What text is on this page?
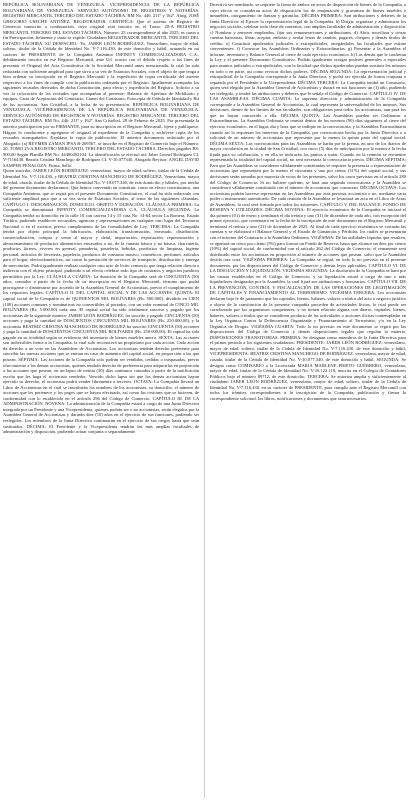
REPÚBLICA BOLIVARIANA DE VENEZUELA. VICEPRESIDENCIA DE LA REPÚBLICA BOLIVARIANA DE VENEZUELA. SERVICIO AUTÓNOMO DE REGISTROS Y NOTARÍAS. REGISTRO MERCANTIL TERCERO DEL ESTADO TÁCHIRA. RM No. 446. 211º y 162º. Abog. JOSÉ GREGORIO USECHE ANTIÑEZ, REGISTRADOR. CERTIFICA: Que el asiento de Registro de Comercio transcrito a continuación, cuyo original está inscrito en el Tomo: 20-A REGISTRO MERCANTIL TERCERO DEL ESTADO TÁCHIRA, Número: 25 correspondiente al año 2025, es como a fin Participación, fielmente y tanto se expide: Ciudadano REGISTRADOR MERCANTIL TERCERO DEL ESTADO TÁCHIRA. SU DESPACHO.- Yo, JABER LEÓN RODRÍGUEZ, Venezolano, mayor de edad, soltero, titular de la Cédula de Identidad No. V-7.116.430, de este domicilio y hábil, actuando en mi carácter de PRESIDENTE de la Compañía Anónima INFINITY COMERCIALIZADORA C.A., debidamente inscrita en ese Registro Mercantil, ante Ud. ocurro con el debido respeto a los fines de presentar el Original del Acta Constitutiva de la Sociedad Mercantil antes mencionada, la cual ha sido redactada con suficiente amplitud para que sirva a su vez de Estatutos Sociales, con el objeto de que tenga a bien ordenar su inscripción en el Registro Mercantil y la expedición de copia certificada del asiento respectivo a los fines de cumplir con la publicación ordenada por el Registro. Igualmente acompaño los siguientes recaudos derivados de dicha Constitución, para efecto y expedición del Registro. Solicito a su vez la colocación de los recaudos que acompañan al presente: Balance de Apertura de Mobiliario y equipos, Carta de Aceptación del Comisario, Carnet del Comisario, Fotocopia de Cédula de Identidad y Rif de los accionistas. San Cristóbal, a la fecha de su presentación. REPÚBLICA BOLIVARIANA DE VENEZUELA. VICEPRESIDENCIA DE LA REPÚBLICA BOLIVARIANA DE VENEZUELA. SERVICIO AUTÓNOMO DE REGISTROS Y NOTARÍAS. REGISTRO MERCANTIL TERCERO DEL ESTADO TÁCHIRA. RM No. 446. 211º y 162º. San Cristóbal, 28 de Febrero de 2025. Por presentada la anterior participación por su FIRMANTE, para su inscripción en el Registro Mercantil, fíjese y publíquese. Hágase lo conducente y agréguese el original al expediente de la Compañía y archívese copia de los recaudos acompañados. Expídase la copia de publicación. El anterior documento redactado por el Abogado: (a) REYMER ZAMAN IPSA R-209567, se inscribe en el Registro de Comercio bajo el Número: 20, TOMO 25-A REGISTRO MERCANTIL TERCERO DEL ESTADO TÁCHIRA. Derechos pagados BS: 900,00 Según Planilla RM No. 44400492104. La identificación se efectuó así: Jaber Leonel Rodríguez CI. V-7116430. Beatriz Cristina Manchego de Rodríguez CI. V-10.077340. Abogado Revisor: ANGEL DAVID SAMPER PEÑALOZA. Firma, Sello.

Quien suscribe, JABER LEÓN RODRÍGUEZ, venezolano, mayor de edad, soltero, titular de la Cédula de Identidad No. V-7.116.430, y BEATRIZ CRISTINA MANCHEGO DE RODRÍGUEZ, Venezolana, mayor de edad, casada, titular de la Cédula de Identidad No. V-10.077.340, de este domicilio y hábiles, por medio del presente documento declaramos: Que hemos convenido en constituir, como en efecto constituimos, una Compañía Anónima, que se regirá por el presente Documento Constitutivo, el cual ha sido redactado con suficiente amplitud para que a su vez sirva de Estatutos Sociales, al tenor de las siguientes cláusulas: CAPÍTULO I. DENOMINACIÓN, DOMICILIO, OBJETO Y DURACIÓN. CLÁUSULA PRIMERA: La Compañía se denominará INFINITY COMERCIALIZADORA C.A. CLÁUSULA SEGUNDA: La Compañía tendrá su domicilio en la calle 10 con carrera 14 y 15 casa No. 14-64 sector La Romera, Estado Táchira, pudiendo establecer sucursales, agencias y representaciones en cualquier otro lugar del Territorio Nacional o en el exterior, previo cumplimiento de las formalidades de Ley. TERCERA: La Compañía tendrá por objeto principal la fabricación, elaboración, transformación, envasado, distribución, comercialización, compra y venta al mayor y detal, importación, exportación, representación y almacenamiento de productos alimenticios envasados o no, de la canasta básica y no básica, charcutería, productos lácteos, víveres en general, panadería, pastelería, bebidas, productos de limpieza, higiene personal, artículos de ferretería, papelería, productos de consumo masivo, cosméticos, perfumes, artículos para el hogar, electrodomésticos, así como la prestación de servicios de transporte, distribución y entrega de mercancías. Podrá igualmente realizar cualquier otro acto de lícito comercio que tenga relación directa o indirecta con el objeto principal, pudiendo a tal efecto celebrar todo tipo de contratos y negocios jurídicos permitidos por la Ley. CLÁUSULA CUARTA: La duración de la Compañía será de CINCUENTA (50) años, contados a partir de la fecha de su inscripción en el Registro Mercantil, término que podrá prorrogarse o disminuirse por acuerdo de la Asamblea General de Accionistas, previo el cumplimiento de los requisitos legales. CAPÍTULO II. DEL CAPITAL SOCIAL Y DE LAS ACCIONES. QUINTA: El capital social de la Compañía es de QUINIENTOS MIL BOLÍVARES (Bs. 500.000), dividido en CIEN (100) acciones comunes y nominativas no convertibles al portador, con un valor nominal de CINCO MIL BOLÍVARES (Bs. 5.000,00) cada una. El capital social ha sido totalmente suscrito y pagado por los accionistas de la siguiente manera: JABER LEÓN RODRÍGUEZ, ha suscrito y pagado CINCUENTA (50) acciones y paga la cantidad de DOSCIENTOS CINCUENTA MIL BOLÍVARES (Bs. 250.000,00), y la accionista BEATRIZ CRISTINA MANCHEGO DE RODRÍGUEZ ha suscrito CINCUENTA (50) acciones y paga la cantidad de DOSCIENTOS CINCUENTA MIL BOLÍVARES (Bs. 250.000,00). El capital ha sido pagado en su totalidad según se evidencia del inventario de bienes muebles anexo. SEXTA: Las acciones son indivisibles frente a la Compañía, la cual solo reconocerá un propietario por cada acción. Cada acción da derecho a un voto en las Asambleas de Accionistas. Los accionistas tendrán derecho preferente para suscribir las nuevas acciones que se emitan en caso de aumento del capital social, en proporción a las que posean. SÉPTIMA: Las acciones de la Compañía sólo podrán ser vendidas, cedidas o traspasadas, previo ofrecimiento a los demás accionistas, quienes tendrán derecho de preferencia para adquirirlas en proporción a las acciones que posean, en un lapso de treinta (30) días continuos contados a partir de la notificación escrita que les haga el accionista vendedor. Vencido dicho lapso sin que los demás accionistas hayan ejercido su derecho, el accionista podrá vender libremente a terceros. OCTAVA: La Compañía llevará un Libro de Accionistas en el cual se inscribirán los nombres de los accionistas, su domicilio, el número de acciones que les pertenece y los pagos que se hayan efectuado, así como las cesiones que se hicieren, de conformidad con lo establecido en el artículo 296 del Código de Comercio. CAPÍTULO III. DE LA ADMINISTRACIÓN. NOVENA: La administración de la Compañía estará a cargo de una Junta Directiva integrada por un Presidente y una Vicepresidenta, quienes podrán ser o no accionistas, serán elegidos por la Asamblea General de Accionistas y durarán diez (10) años en el ejercicio de sus funciones, pudiendo ser reelegidos. Los miembros de la Junta Directiva continuarán en el ejercicio de sus cargos hasta que sean sustituidos. DÉCIMA: El Presidente y la Vicepresidenta tendrán las más amplias facultades de administración y disposición, pudiendo actuar conjunta o separadamente.

Directiva ser nombrado, se requiere la firma de ambos en actos de disposición de bienes de la Compañía, a cuyo efecto se consideran actos de disposición los de enajenación y gravamen de bienes muebles e inmuebles, otorgamiento de fianzas y garantías. DÉCIMA PRIMERA: Son atribuciones y deberes de la Junta Directiva: a) Ejercer la representación legal de la Compañía. b) Dirigir, organizar y administrar los negocios sociales, celebrar toda clase de contratos, con amplias facultades de administración y disposición. c) Nombrar y remover empleados, fijar sus remuneraciones y atribuciones. d) Abrir, movilizar y cerrar cuentas bancarias, librar, aceptar, endosar y avalar letras de cambio, pagarés, cheques y demás títulos de crédito. e) Constituir apoderados judiciales o extrajudiciales, otorgándoles las facultades que estime convenientes. f) Convocar las Asambleas Ordinarias y Extraordinarias. g) Presentar a la Asamblea el informe, inventario y Balance General al cierre de cada ejercicio económico. h) Las demás que le confieran la Ley y el presente Documento Constitutivo. Podrán igualmente otorgar poderes generales o especiales para asuntos judiciales o extrajudiciales, con la facultad que dichos apoderados puedan sustituir los mismos en todo o en parte, así como revocar dichos poderes. DÉCIMA SEGUNDA: La representación judicial y extrajudicial de la Compañía corresponde a la Junta Directiva, y podrá ser ejercida de forma conjunta o separada por el Presidente o la Vicepresidenta. DÉCIMA TERCERA: La Compañía tendrá un Comisario, quien será elegido por la Asamblea General de Accionistas y durará en sus funciones un (1) año, pudiendo ser reelegido, y tendrá las atribuciones y deberes que le señala el Código de Comercio. CAPÍTULO IV. DE LAS ASAMBLEAS. DÉCIMA CUARTA: La suprema dirección y administración de la Compañía corresponde a la Asamblea General de Accionistas, la cual representa la universalidad de los mismos. Sus decisiones, dentro de los límites de sus facultades, son obligatorias para todos los accionistas, aun para los que no hayan concurrido a ella. DÉCIMA QUINTA: Las Asambleas pueden ser Ordinarias o Extraordinarias. La Asamblea Ordinaria se reunirá dentro de los noventa (90) días siguientes al cierre del ejercicio económico, en el lugar, día y hora que se indique en la convocatoria, y la Asamblea Extraordinaria cuando así lo requieran los intereses de la Compañía, por convocatoria hecha por la Junta Directiva o a solicitud de un número de accionistas que represente por lo menos la quinta parte del capital social. DÉCIMA SEXTA: Las convocatorias para las Asambleas se harán por la prensa, en uno de los diarios de mayor circulación en la ciudad de San Cristóbal, con cinco (5) días de anticipación por lo menos a la fecha fijada para su celebración, y en ella se indicarán los puntos a tratar. Cuando en la reunión se encuentre representada la totalidad del capital social, no será necesaria la convocatoria previa. DÉCIMA SÉPTIMA: Para que las Asambleas se consideren válidamente constituidas se requiere la presencia o representación de accionistas que representen por lo menos el cincuenta y uno por ciento (51%) del capital social, y sus decisiones serán tomadas por mayoría de votos de los presentes, salvo los casos previstos en el artículo 280 del Código de Comercio. Si no hubiere quórum, se hará una segunda convocatoria y la Asamblea se considerará válidamente constituida con el número de accionistas que concurran. DÉCIMA OCTAVA: Los accionistas podrán hacerse representar en las Asambleas por otra persona, accionista o no, mediante carta poder o instrumento autenticado. De cada reunión de la Asamblea se levantará un acta en el Libro de Actas de Asambleas, la cual será firmada por todos los asistentes. CAPÍTULO V. DEL BALANCE, FONDO DE RESERVA Y UTILIDADES. DÉCIMA NOVENA: El ejercicio económico de la Compañía se iniciará el día primero (01) de enero y terminará el día treinta y uno (31) de diciembre de cada año, con excepción del primer ejercicio, que comenzará en la fecha de la inscripción de este documento en el Registro Mercantil y terminará el treinta y uno (31) de diciembre de 2025. Al final de cada ejercicio económico se cortarán las cuentas y se elaborará el Balance General y el Estado de Ganancias y Pérdidas, los cuales se presentarán con el informe del Comisario a la Asamblea Ordinaria. VIGÉSIMA: De las utilidades líquidas que resulten, se apartará un cinco por ciento (5%) para formar un Fondo de Reserva, hasta que alcance un diez por ciento (10%) del capital social, de conformidad con el artículo 262 del Código de Comercio; el remanente será distribuido entre los accionistas en proporción al número de acciones que posean, salvo que la Asamblea decida otra cosa. VIGÉSIMA PRIMERA: La Compañía se regirá, en todo lo no previsto en el presente documento, por las disposiciones del Código de Comercio y demás leyes aplicables. CAPÍTULO VI. DE LA DISOLUCIÓN Y LIQUIDACIÓN. VIGÉSIMA SEGUNDA: La disolución de la Compañía se hará por las causas establecidas en el Código de Comercio, y su liquidación estará a cargo de uno o más liquidadores designados por la Asamblea, la cual fijará sus atribuciones y honorarios. CAPÍTULO VII. DE LA PREVENCIÓN, CONTROL Y FISCALIZACIÓN DE LAS OPERACIONES DE LEGITIMACIÓN DE CAPITALES Y FINANCIAMIENTO AL TERRORISMO. VIGÉSIMA TERCERA: Los accionistas declaran bajo fe de juramento que los capitales, bienes, haberes, valores o títulos del acto o negocio jurídico a objeto de la constitución de la presente compañía proceden de actividades lícitas, lo cual puede ser corroborado por los organismos competentes, y no tienen relación alguna con dinero, capitales, bienes, haberes, valores o títulos que se consideren producto de las actividades o acciones ilícitas contempladas en la Ley Orgánica Contra la Delincuencia Organizada y Financiamiento al Terrorismo, y/o en la Ley Orgánica de Drogas. VIGÉSIMA CUARTA: Todo lo no previsto en este documento se regirá por las disposiciones del Código de Comercio y demás disposiciones legales que regulan la materia. DISPOSICIONES TRANSITORIAS. PRIMERA: Se designan como miembros de la Junta Directiva para el primer período a los siguientes ciudadanos: PRESIDENTE: JABER LEÓN RODRÍGUEZ, venezolano, mayor de edad, soltero, titular de la Cédula de Identidad No. V-7.116.430, de este domicilio y hábil; VICEPRESIDENTA: BEATRIZ CRISTINA MANCHEGO DE RODRÍGUEZ, venezolana, mayor de edad, casada, titular de la Cédula de Identidad No. V-10.077.340, de este domicilio y hábil. SEGUNDA: Se designa como COMISARIO a la Licenciada MARIA MARLENE PRIETO GUERRERO, venezolana, mayor de edad, titular de la Cédula de Identidad No. V-16.122.118, inscrita en el Colegio de Contadores Públicos bajo el número 89712, de este domicilio. TERCERA: Se autoriza amplia y suficientemente al ciudadano JABER LEÓN RODRÍGUEZ, venezolano, mayor de edad, soltero, titular de la Cédula de Identidad No. V-7.116.430, en su carácter de PRESIDENTE, para cumplir ante el Registro Mercantil con todos los trámites correspondientes a la inscripción de la Compañía, publicación y firmar la correspondiente solicitud, los libros, notificaciones y documentos que sean necesarios.
